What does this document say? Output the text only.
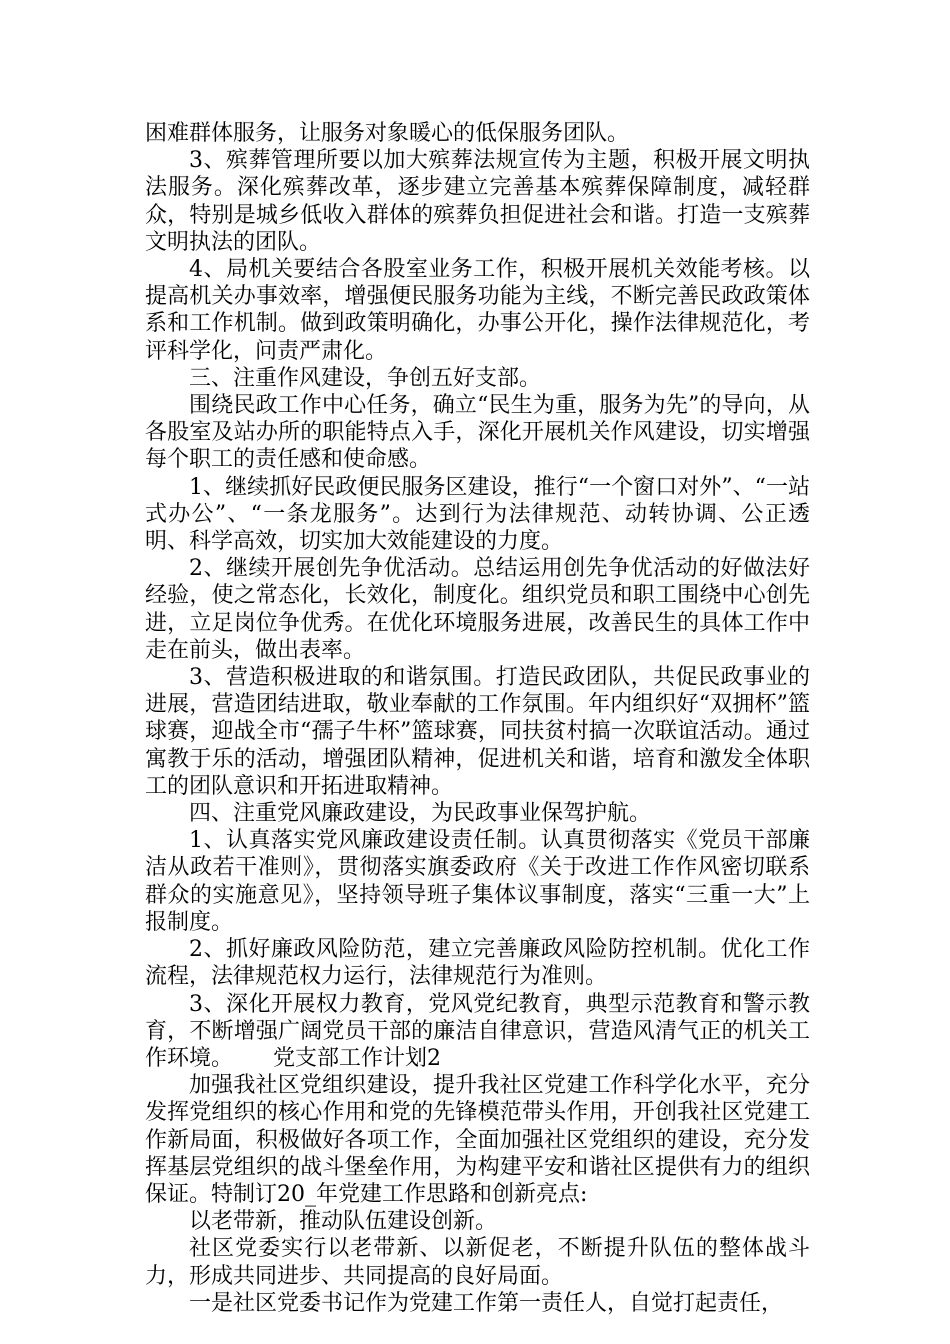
困难群体服务，让服务对象暖心的低保服务团队。

3、殡葬管理所要以加大殡葬法规宣传为主题，积极开展文明执法服务。深化殡葬改革，逐步建立完善基本殡葬保障制度，减轻群众，特别是城乡低收入群体的殡葬负担促进社会和谐。打造一支殡葬文明执法的团队。

4、局机关要结合各股室业务工作，积极开展机关效能考核。以提高机关办事效率，增强便民服务功能为主线，不断完善民政政策体系和工作机制。做到政策明确化，办事公开化，操作法律规范化，考评科学化，问责严肃化。

三、注重作风建设，争创五好支部。

围绕民政工作中心任务，确立“民生为重，服务为先”的导向，从各股室及站办所的职能特点入手，深化开展机关作风建设，切实增强每个职工的责任感和使命感。

1、继续抓好民政便民服务区建设，推行“一个窗口对外”、“一站式办公”、“一条龙服务”。达到行为法律规范、动转协调、公正透明、科学高效，切实加大效能建设的力度。

2、继续开展创先争优活动。总结运用创先争优活动的好做法好经验，使之常态化，长效化，制度化。组织党员和职工围绕中心创先进，立足岗位争优秀。在优化环境服务进展，改善民生的具体工作中走在前头，做出表率。

3、营造积极进取的和谐氛围。打造民政团队，共促民政事业的进展，营造团结进取，敬业奉献的工作氛围。年内组织好“双拥杯”篮球赛，迎战全市“孺子牛杯”篮球赛，同扶贫村搞一次联谊活动。通过寓教于乐的活动，增强团队精神，促进机关和谐，培育和激发全体职工的团队意识和开拓进取精神。

四、注重党风廉政建设，为民政事业保驾护航。

1、认真落实党风廉政建设责任制。认真贯彻落实《党员干部廉洁从政若干准则》，贯彻落实旗委政府《关于改进工作作风密切联系群众的实施意见》，坚持领导班子集体议事制度，落实“三重一大”上报制度。

2、抓好廉政风险防范，建立完善廉政风险防控机制。优化工作流程，法律规范权力运行，法律规范行为准则。

3、深化开展权力教育，党风党纪教育，典型示范教育和警示教育，不断增强广阔党员干部的廉洁自律意识，营造风清气正的机关工作环境。 党支部工作计划2

加强我社区党组织建设，提升我社区党建工作科学化水平，充分发挥党组织的核心作用和党的先锋模范带头作用，开创我社区党建工作新局面，积极做好各项工作，全面加强社区党组织的建设，充分发挥基层党组织的战斗堡垒作用，为构建平安和谐社区提供有力的组织保证。特制订20_年党建工作思路和创新亮点:

以老带新，推动队伍建设创新。

社区党委实行以老带新、以新促老，不断提升队伍的整体战斗力，形成共同进步、共同提高的良好局面。

一是社区党委书记作为党建工作第一责任人，自觉打起责任，
